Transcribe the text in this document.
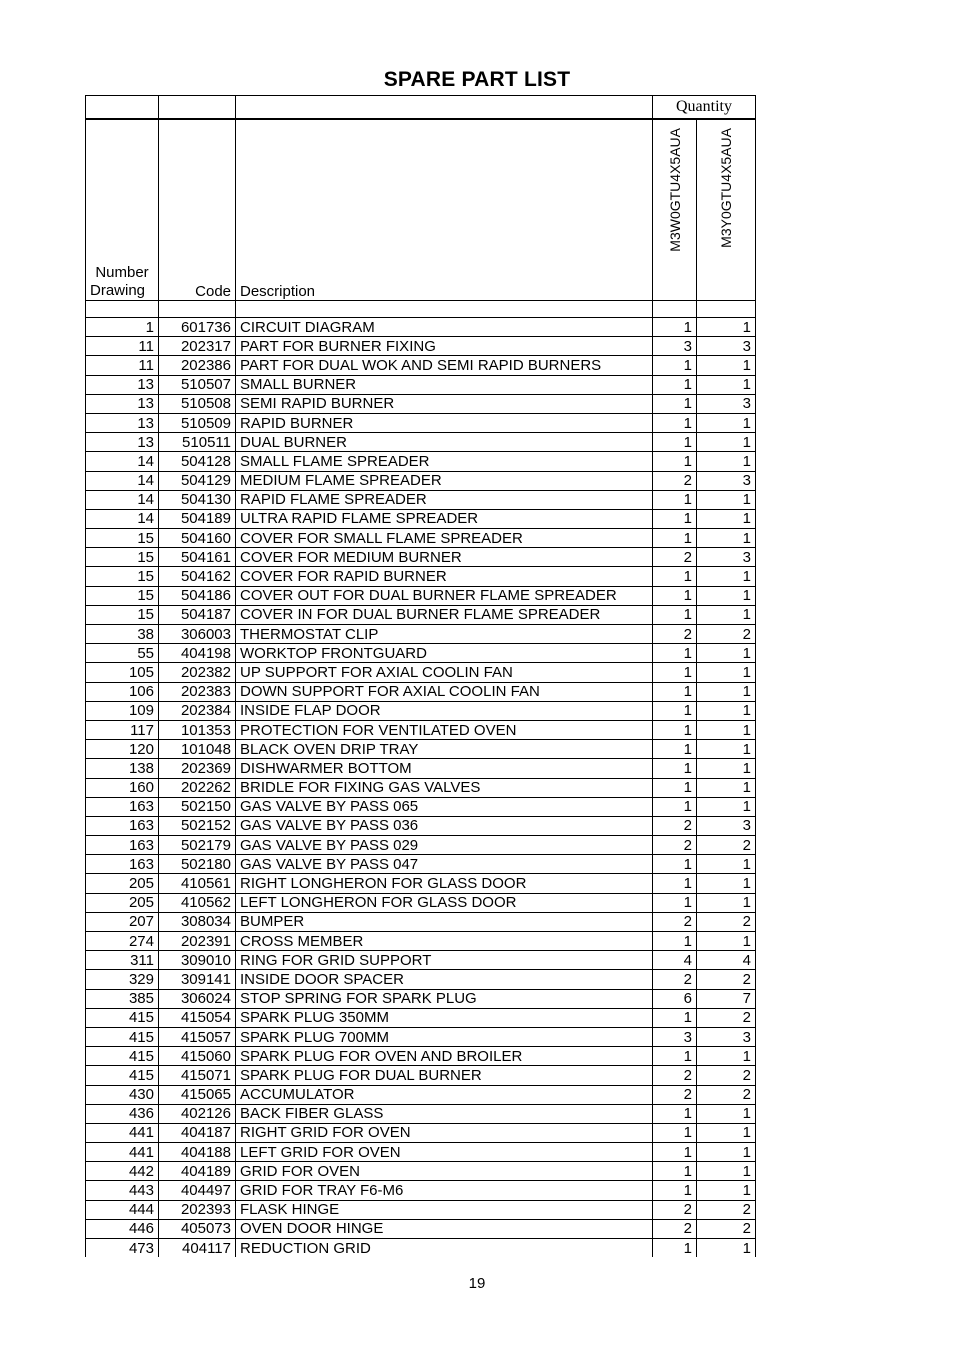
SPARE PART LIST
			Quantity	

Number
Drawing	Code	Description	M3W0GTU4X5AUA	M3Y0GTU4X5AUA

1	601736	CIRCUIT DIAGRAM	1	1
11	202317	PART FOR BURNER FIXING	3	3
11	202386	PART FOR DUAL WOK AND SEMI RAPID BURNERS	1	1
13	510507	SMALL BURNER	1	1
13	510508	SEMI RAPID BURNER	1	3
13	510509	RAPID BURNER	1	1
13	510511	DUAL BURNER	1	1
14	504128	SMALL FLAME SPREADER	1	1
14	504129	MEDIUM FLAME SPREADER	2	3
14	504130	RAPID FLAME SPREADER	1	1
14	504189	ULTRA RAPID FLAME SPREADER	1	1
15	504160	COVER FOR SMALL FLAME SPREADER	1	1
15	504161	COVER FOR MEDIUM BURNER	2	3
15	504162	COVER FOR RAPID BURNER	1	1
15	504186	COVER OUT FOR DUAL BURNER FLAME SPREADER	1	1
15	504187	COVER IN FOR DUAL BURNER FLAME SPREADER	1	1
38	306003	THERMOSTAT CLIP	2	2
55	404198	WORKTOP FRONTGUARD	1	1
105	202382	UP SUPPORT FOR AXIAL COOLIN FAN	1	1
106	202383	DOWN SUPPORT FOR AXIAL COOLIN FAN	1	1
109	202384	INSIDE FLAP DOOR	1	1
117	101353	PROTECTION FOR VENTILATED OVEN	1	1
120	101048	BLACK OVEN DRIP TRAY	1	1
138	202369	DISHWARMER BOTTOM	1	1
160	202262	BRIDLE FOR FIXING GAS VALVES	1	1
163	502150	GAS VALVE BY PASS 065	1	1
163	502152	GAS VALVE BY PASS 036	2	3
163	502179	GAS VALVE BY PASS 029	2	2
163	502180	GAS VALVE BY PASS 047	1	1
205	410561	RIGHT LONGHERON FOR GLASS DOOR	1	1
205	410562	LEFT LONGHERON FOR GLASS DOOR	1	1
207	308034	BUMPER	2	2
274	202391	CROSS MEMBER	1	1
311	309010	RING FOR GRID SUPPORT	4	4
329	309141	INSIDE DOOR SPACER	2	2
385	306024	STOP SPRING FOR SPARK PLUG	6	7
415	415054	SPARK PLUG 350MM	1	2
415	415057	SPARK PLUG 700MM	3	3
415	415060	SPARK PLUG FOR OVEN AND BROILER	1	1
415	415071	SPARK PLUG FOR DUAL BURNER	2	2
430	415065	ACCUMULATOR	2	2
436	402126	BACK FIBER GLASS	1	1
441	404187	RIGHT GRID FOR OVEN	1	1
441	404188	LEFT GRID FOR OVEN	1	1
442	404189	GRID FOR OVEN	1	1
443	404497	GRID FOR TRAY F6-M6	1	1
444	202393	FLASK HINGE	2	2
446	405073	OVEN DOOR HINGE	2	2
473	404117	REDUCTION GRID	1	1
19
